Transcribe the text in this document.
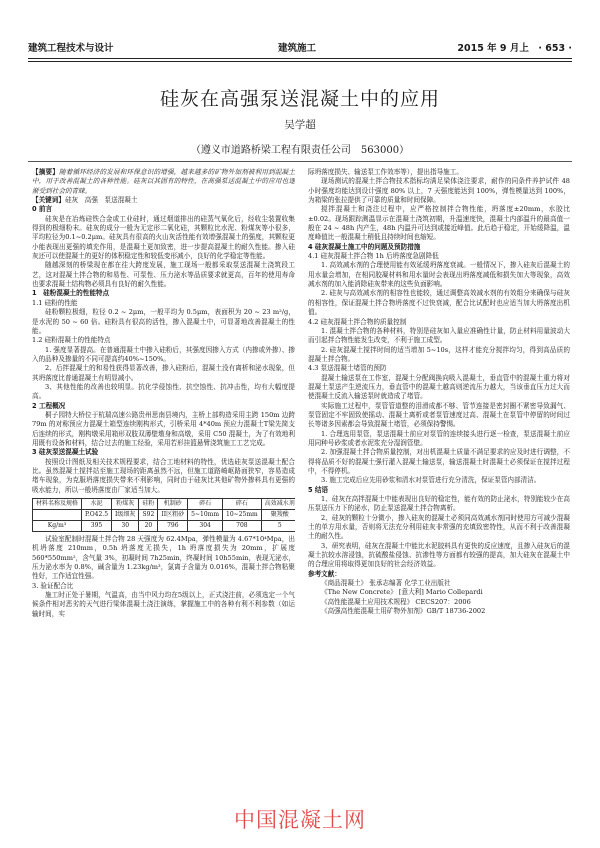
建筑工程技术与设计	建筑施工	2015 年 9 月上　· 653 ·
硅灰在高强泵送混凝土中的应用
吴学超
（遵义市道路桥梁工程有限责任公司　563000）

【摘要】随着循环经济的发展和环保意识的增强，越来越多的矿物外加剂被利用到混凝土中，用于改善混凝土的各种性能。硅灰以其固有的特性，在高强泵送混凝土中的应用也逐渐受到社会的青睐。

【关键词】硅灰　高强　泵送混凝土

0 前言

硅灰是在冶炼硅铁合金或工业硅时，通过烟道排出的硅蒸气氧化后，经收尘装置收集得到的极细粉末。硅灰的成分一般为无定形二氧化硅，其颗粒比水泥、粉煤灰等小很多，平均粒径为0.1~0.2μm。硅灰具有很高的火山灰活性能有效增强混凝土的强度，其颗粒更小能表现出更强的填充作用，是混凝土更加致密，进一步提高混凝土的耐久性能。掺入硅灰还可以使混凝土的更好的体积稳定性和较低变形减小，良好的化学稳定等性能。

随越深刻的桥梁现在都在往大跨度发展，施工现场一般都采取泵送混凝土浇筑段工艺，这对混凝土拌合物的和易性、可泵性、压力泌水等品质要求就更高，百年的使用寿命也要求混凝土结构物必须具有良好的耐久性能。

1　硅粉混凝土的性能特点

1.1 硅粉的性能

硅粉颗粒极细，粒径 0.2 ~ 2μm，一般平均为 0.5μm，表面积为 20 ~ 23 m²/g，是水泥的 50 ~ 60 倍。硅粉具有很高的活性，掺入混凝土中，可显著地改善混凝土的性能。

1.2 硅粉混凝土的性能特点

1. 强度显著提高。在普通混凝土中掺入硅粉后，其强度因掺入方式（内掺或外掺）、掺入的品种及掺量的不同可提高约40%~150%。

2、后拌混凝土的和易性获得显著改善，掺入硅粉后，混凝土没有离析和泌水现象，但其坍落度比普通混凝土有明显减小。

3、其他性能的改善也较明显。抗化学侵蚀性、抗空蚀性、抗冲击性，均有大幅度提高。

2 工程概况

桐子园特大桥位于杭瑞高速公路贵州思南县境内，主桥上部构造采用主跨 150m 边跨 79m 的对称预应力混凝土箱型连续刚构形式，引桥采用 4*40m 预应力混凝土T梁先简支后连续的形式，刚构墩采用箱形双肢双薄壁墩身和高墩，采用 C50 混凝土，为了有效地利用既有设备和材料，结合过去的施工经验，采用若形挂篮悬臂浇筑施工工艺完成。

3 硅灰泵送混凝土试验

按照设计图纸及相关技术规程要求，结合工地材料的特性，优选硅灰泵送混凝土配合比。虽然混凝土搅拌站至施工现场的距离虽然不远，但施工道路崎岖路面狭窄，容易造成堵车现象，为克服坍落度损失带来不利影响，同时由于硅灰比其他矿物外掺料具有更强的吸水能力，所以一般坍落度由厂家适当加大。

材料名称及规格	水泥	粉煤灰	硅粉	机制砂	碎石	碎石	高效减水剂	
	P.O42.5	I级细灰	S92	II区粗砂	5~10mm	10~25mm	聚羧酸	
Kg/m³	395	30	20	796	304	708	5	

试验室配制时混凝土拌合物 28 天强度为 62.4Mpa，弹性模量为 4.67*10⁴Mpa，出机坍落度 210mm，0.5h 坍落度无损失，1h 坍落度损失为 20mm，扩展度 560*550mm²，含气量 3%，初凝时间 7h25min，终凝时间 10h55min，表现无泌水，压力泌水率为 0.8%，碱含量为 1.23kg/m³，氯离子含量为 0.016%，混凝土拌合物粘聚性好，工作适宜性强。

3. 验证配合比

施工时正处于暑期，气温高，由当中风力均在5级以上，正式浇注前，必须选定一个气候条件相对恶劣的天气进行梁体混凝土浇注演练，掌握施工中的各种有利不利参数（如运输时间，实

际坍落度损失、输送泵工作效率等），提出指导施工。

现场测试的混凝土拌合物技术指标均满足梁体浇注要求，耐作的同条件养护试件 48 小时强度均能达到设计强度 80% 以上，7 天强度能达到 100%，弹性模量达到 100%，为箱梁的张拉提供了可靠的质量和时间保障。

搅拌混凝土和浇注过程中，应严格控制拌合物性能，坍落度±20mm，水胶比 ±0.02。现场跟踪测温显示在混凝土浇筑初期，升温速度快，混凝土内部温升的最高值一般在 24 ~ 48h 内产生，48h 内温升可达到或接近峰值。此后趋于稳定，开始缓降温，温度峰值比一般混凝土稍低且持续时间也缩短。

4 硅灰混凝土施工中的问题及预防措施

4.1 硅灰混凝土拌合物 1h 后坍落度急剧降低

1. 高效减水剂的合理使用能有效延缓坍落度衰减。一般情况下，掺入硅灰后混凝土的用水量会增加，在相同胶凝材料和用水量时会表现出坍落度减低和损失加大等现象，高效减水剂的加入能消除硅灰带来的这些负面影响。

2. 硅灰与高效减水剂的相容性也能较，通过调整高效减水剂的有效组分来确保与硅灰的相容性，保证混凝土拌合物坍落度不过快衰减，配合比试配时也应适当加大坍落度出机值。

4.2 硅灰混凝土拌合物的质量控制

1. 混凝土拌合物的各种材料，特别是硅灰如入量应准确性计量，防止材料用量波动大而引起拌合物性能发生改变，不利于施工成型。

2. 硅灰混凝土搅拌时间的适当增加 5~10s，这样才能充分搅拌均匀，得到高品质的混凝土拌合物。

4.3 泵送混凝土堵管的预防

混凝土输送泵在工作室，混凝土分配阀换向吸入混凝土，垂直管中的混凝土重力将对混凝土泵送产生逆流压力，垂直管中的混凝土越高则逆流压力越大，当该垂直压力过大而使混凝土反流入输送泵时就造成了堵管。

实际施工过程中，泵管管道整的泪滑成都不够、管节连接是密封圈不紧密导致漏气、泵管固定不牢固致使摇动、混凝土离析或者泵管速度过高、混凝土在泵管中停留的时间过长等诸多因素都会导致混凝土堵管，必须保持警惕。

1. 合理选用泵管，泵送混凝土前应对泵管的连续接头进行逐一检查，泵送混凝土前应用同种号砂浆或者水泥浆充分湿润管壁。

2. 加强混凝土拌合物质量控制，对出机混凝土质量不满足要求的应及时进行调整，不得将品质不好的混凝土强行灌入混凝土输送泵，输送混凝土时混凝土必须保证在搅拌过程中，不得停机。

3. 施工完成后应先用砂浆和清水对泵管进行充分清洗，保证泵管内部清洁。

5 结语

1、硅灰在高拌混凝土中能表现出良好的稳定性，能有效的防止泌水，特别能较少在高压泵送压力下的泌水，防止泵送混凝土拌合物离析。

2、硅灰的颗粒十分微小，掺入硅灰的混凝土必须同高效减水剂同时使用方可减少混凝土的单方用水量，否则将无法充分利用硅灰非常强的充填致密特性，从而不利于改善混凝土的耐久性。

3、研究表明，硅灰在混凝土中能比水泥胶料具有更快的反应速度，且掺入硅灰后的混凝土抗较水溶浸蚀，抗硫酸盐侵蚀、抗渗性等方面都有较强的提高，加大硅灰在混凝土中的合理应用将取得更加良好的社会经济效益。

参考文献：

《商品混凝土》 张承志编著 化学工业出版社

《The New Concrete》 [意大利] Mario Collepardi

《高性能混凝土应用技术规程》 CECS207：2006

《高强高性能混凝土用矿物外加剂》GB/T 18736-2002

中国混凝土网
